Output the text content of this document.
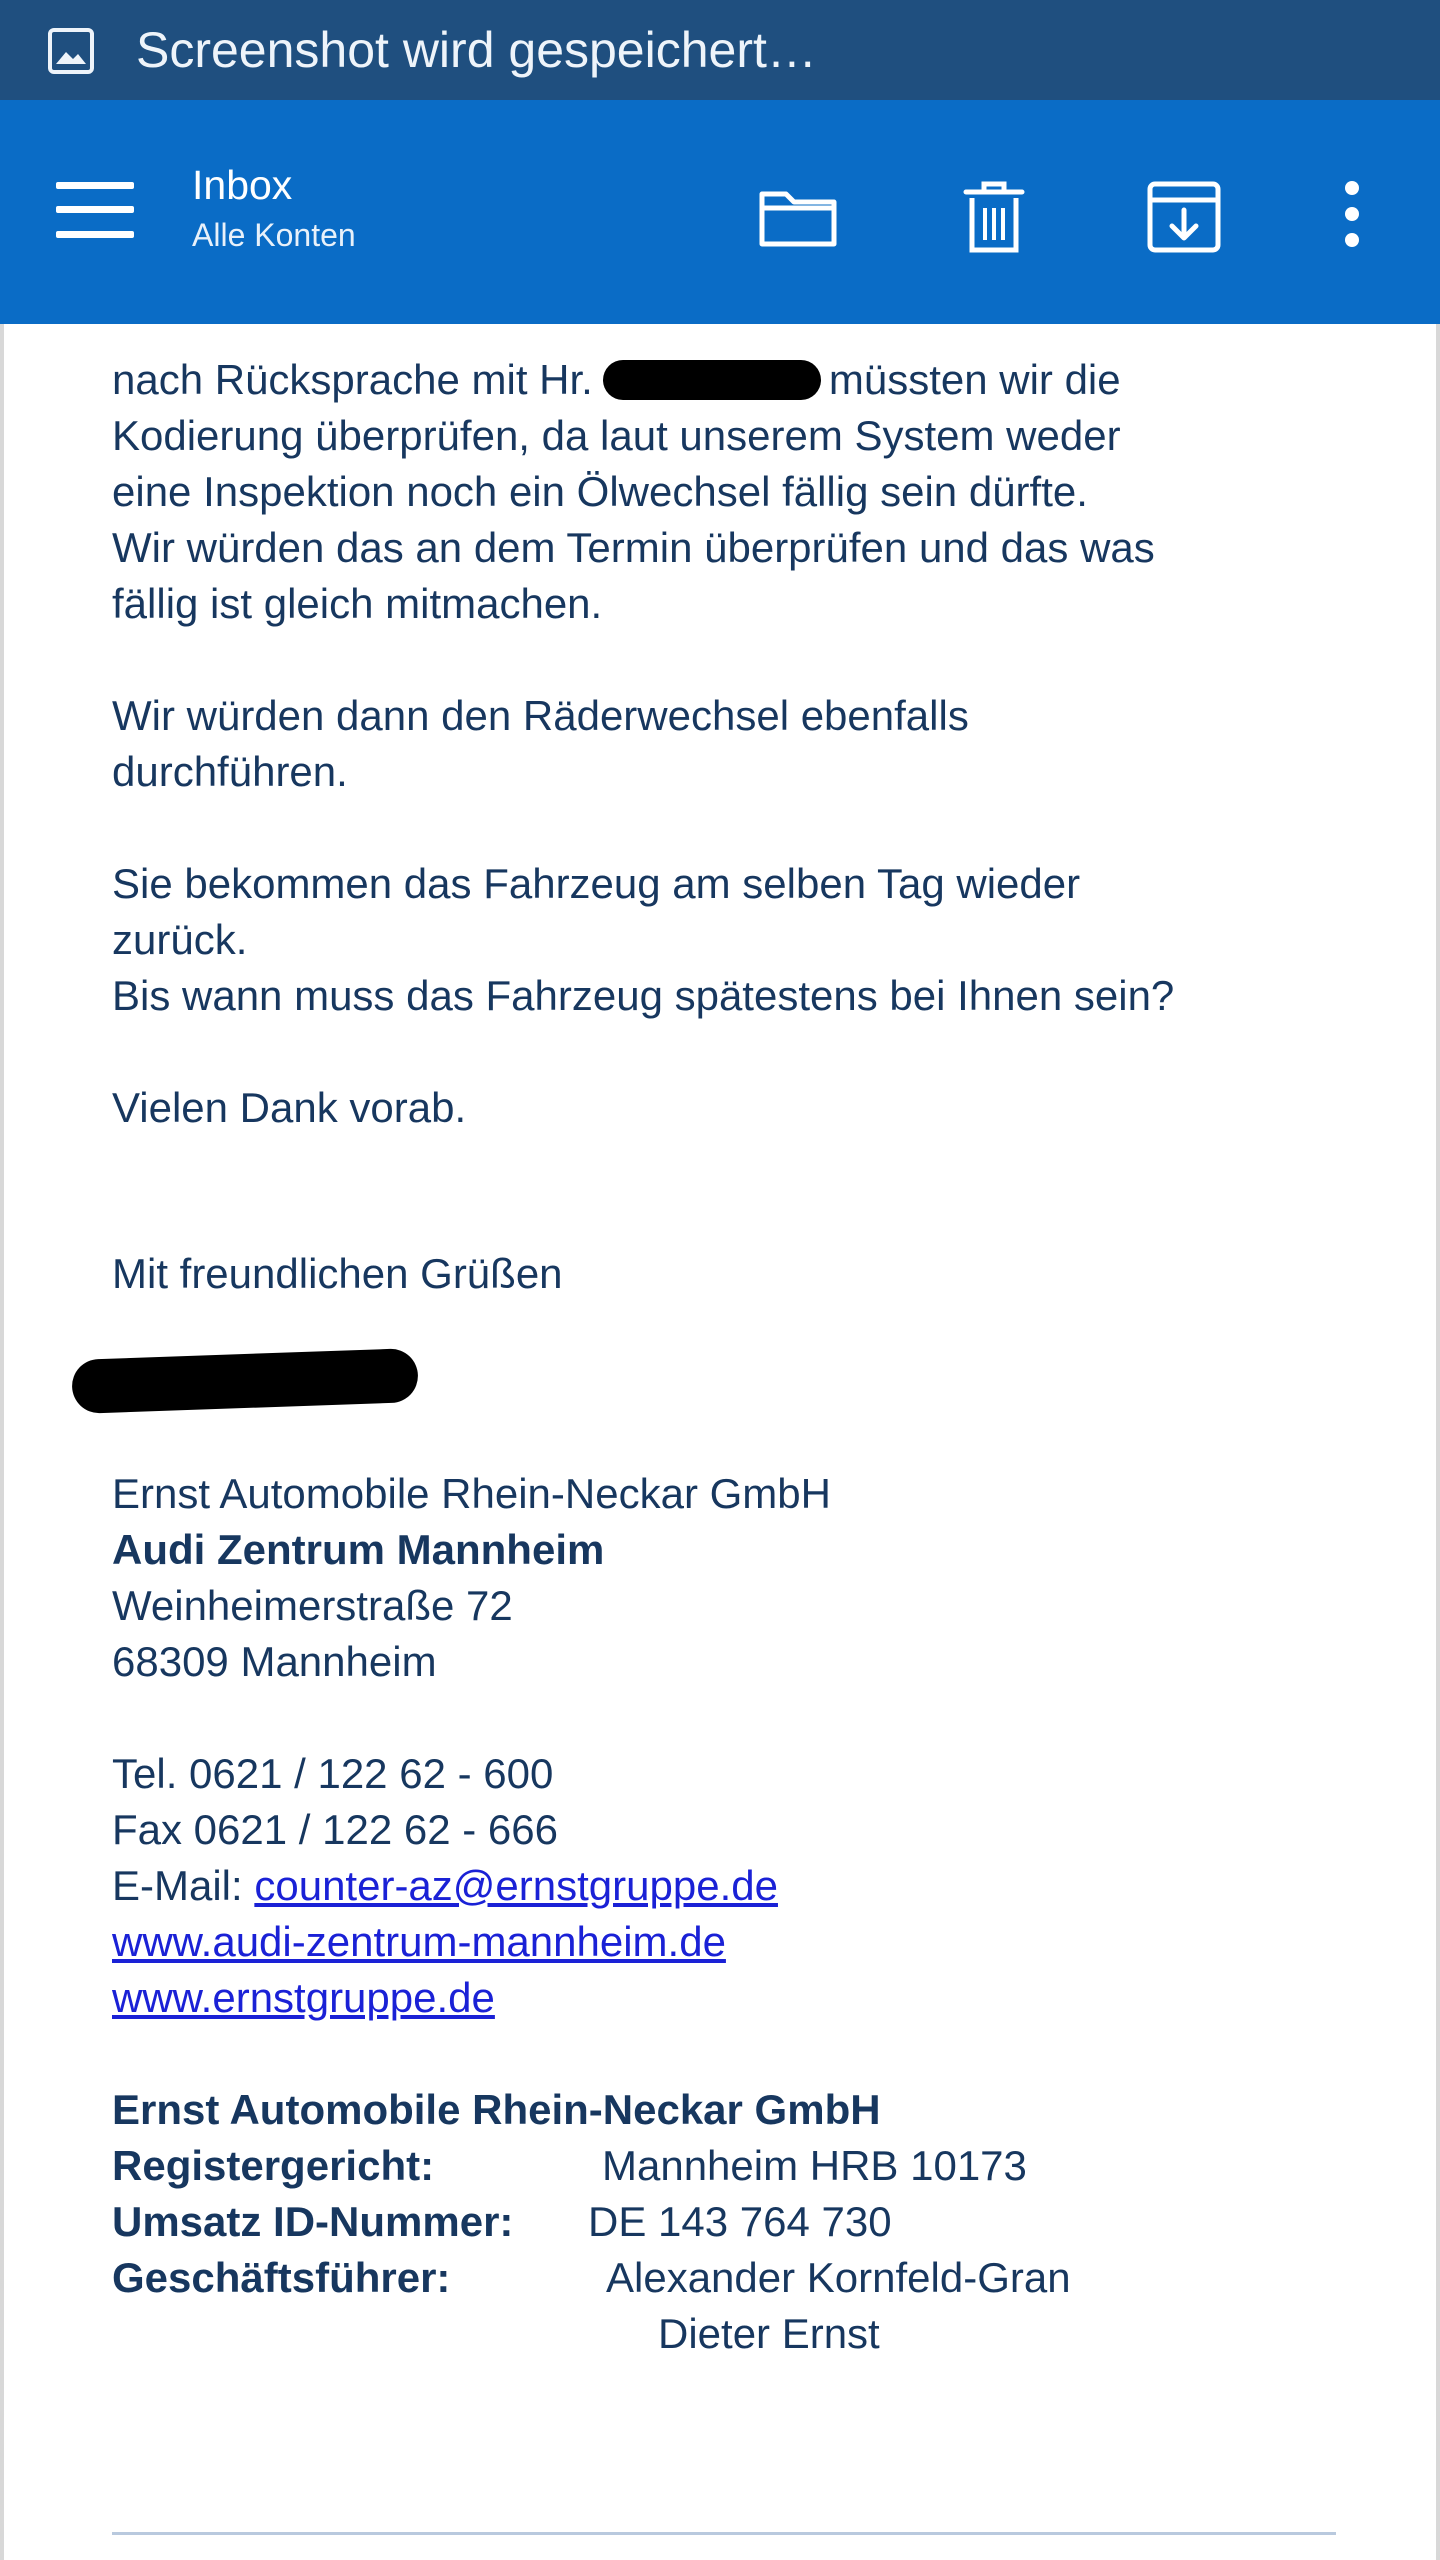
Screenshot wird gespeichert…
Inbox
Alle Konten

nach Rücksprache mit Hr.	müssten wir die

Kodierung überprüfen, da laut unserem System weder

eine Inspektion noch ein Ölwechsel fällig sein dürfte.

Wir würden das an dem Termin überprüfen und das was

fällig ist gleich mitmachen.

Wir würden dann den Räderwechsel ebenfalls

durchführen.

Sie bekommen das Fahrzeug am selben Tag wieder

zurück.

Bis wann muss das Fahrzeug spätestens bei Ihnen sein?

Vielen Dank vorab.

Mit freundlichen Grüßen

Ernst Automobile Rhein-Neckar GmbH

Audi Zentrum Mannheim

Weinheimerstraße 72

68309 Mannheim

Tel. 0621 / 122 62 - 600

Fax 0621 / 122 62 - 666

E-Mail: counter-az@ernstgruppe.de

www.audi-zentrum-mannheim.de

www.ernstgruppe.de

Ernst Automobile Rhein-Neckar GmbH

Registergericht:	Mannheim HRB 10173
Umsatz ID-Nummer: DE 143 764 730
Geschäftsführer:	Alexander Kornfeld-Gran
Dieter Ernst
